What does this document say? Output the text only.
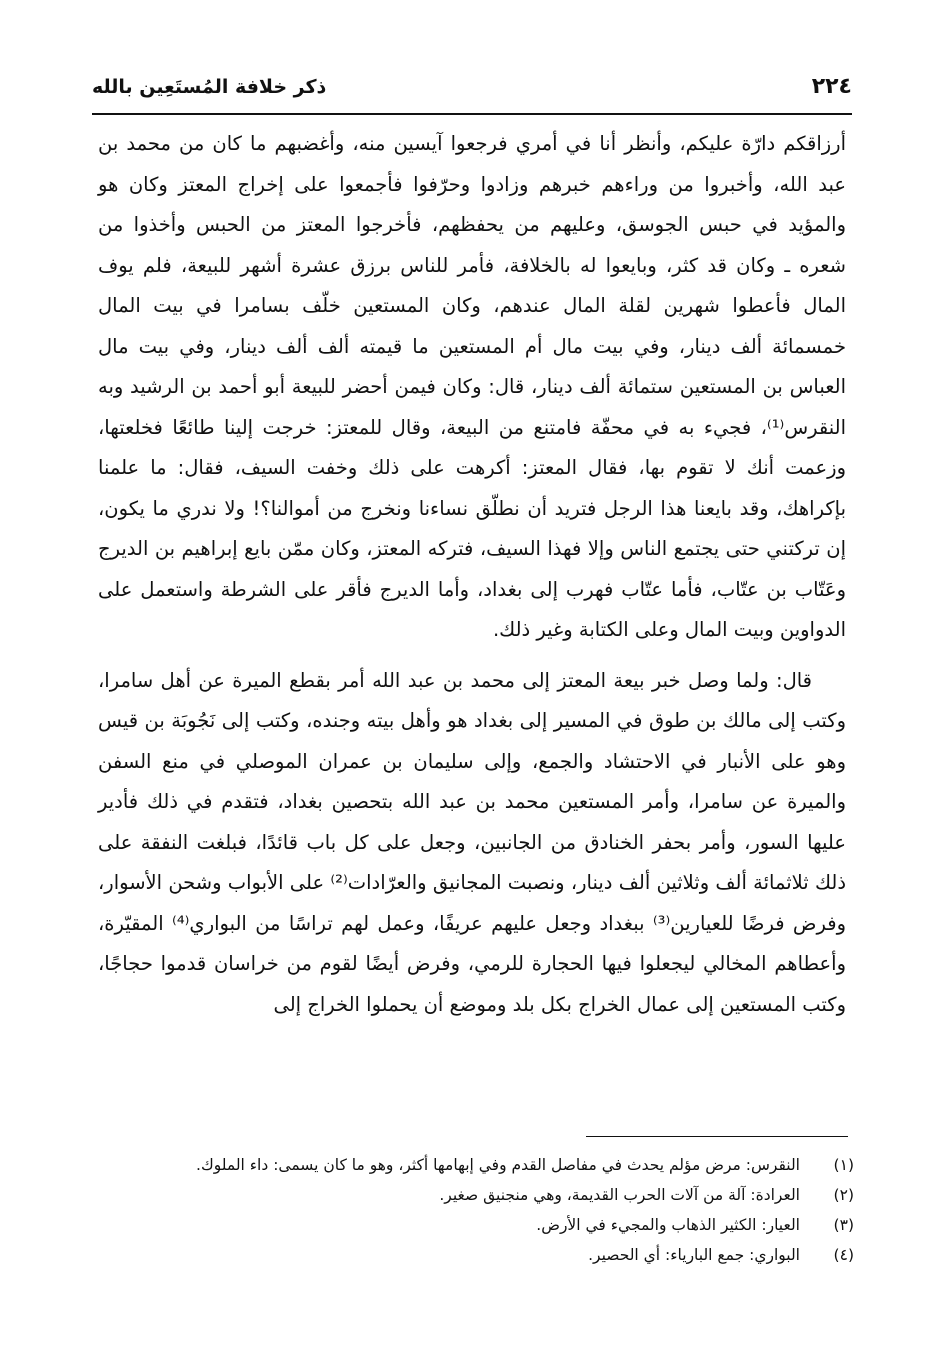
٢٢٤
ذكر خلافة المُستَعِين بالله

أرزاقكم دارّة عليكم، وأنظر أنا في أمري فرجعوا آيسين منه، وأغضبهم ما كان من محمد بن عبد الله، وأخبروا من وراءهم خبرهم وزادوا وحرّفوا فأجمعوا على إخراج المعتز وكان هو والمؤيد في حبس الجوسق، وعليهم من يحفظهم، فأخرجوا المعتز من الحبس وأخذوا من شعره ـ وكان قد كثر، وبايعوا له بالخلافة، فأمر للناس برزق عشرة أشهر للبيعة، فلم يوف المال فأعطوا شهرين لقلة المال عندهم، وكان المستعين خلّف بسامرا في بيت المال خمسمائة ألف دينار، وفي بيت مال أم المستعين ما قيمته ألف ألف دينار، وفي بيت مال العباس بن المستعين ستمائة ألف دينار، قال: وكان فيمن أحضر للبيعة أبو أحمد بن الرشيد وبه النقرس⁽¹⁾، فجيء به في محفّة فامتنع من البيعة، وقال للمعتز: خرجت إلينا طائعًا فخلعتها، وزعمت أنك لا تقوم بها، فقال المعتز: أكرهت على ذلك وخفت السيف، فقال: ما علمنا بإكراهك، وقد بايعنا هذا الرجل فتريد أن نطلّق نساءنا ونخرج من أموالنا؟! ولا ندري ما يكون، إن تركتني حتى يجتمع الناس وإلا فهذا السيف، فتركه المعتز، وكان ممّن بايع إبراهيم بن الديرج وعَتّاب بن عتّاب، فأما عتّاب فهرب إلى بغداد، وأما الديرج فأقر على الشرطة واستعمل على الدواوين وبيت المال وعلى الكتابة وغير ذلك.

قال: ولما وصل خبر بيعة المعتز إلى محمد بن عبد الله أمر بقطع الميرة عن أهل سامرا، وكتب إلى مالك بن طوق في المسير إلى بغداد هو وأهل بيته وجنده، وكتب إلى نَجُوبَة بن قيس وهو على الأنبار في الاحتشاد والجمع، وإلى سليمان بن عمران الموصلي في منع السفن والميرة عن سامرا، وأمر المستعين محمد بن عبد الله بتحصين بغداد، فتقدم في ذلك فأدير عليها السور، وأمر بحفر الخنادق من الجانبين، وجعل على كل باب قائدًا، فبلغت النفقة على ذلك ثلاثمائة ألف وثلاثين ألف دينار، ونصبت المجانيق والعرّادات⁽²⁾ على الأبواب وشحن الأسوار، وفرض فرضًا للعيارين⁽³⁾ ببغداد وجعل عليهم عريفًا، وعمل لهم تراسًا من البواري⁽⁴⁾ المقيّرة، وأعطاهم المخالي ليجعلوا فيها الحجارة للرمي، وفرض أيضًا لقوم من خراسان قدموا حجاجًا، وكتب المستعين إلى عمال الخراج بكل بلد وموضع أن يحملوا الخراج إلى

(١)
النقرس: مرض مؤلم يحدث في مفاصل القدم وفي إبهامها أكثر، وهو ما كان يسمى: داء الملوك.
(٢)
العرادة: آلة من آلات الحرب القديمة، وهي منجنيق صغير.
(٣)
العيار: الكثير الذهاب والمجيء في الأرض.
(٤)
البواري: جمع البارياء: أي الحصير.
